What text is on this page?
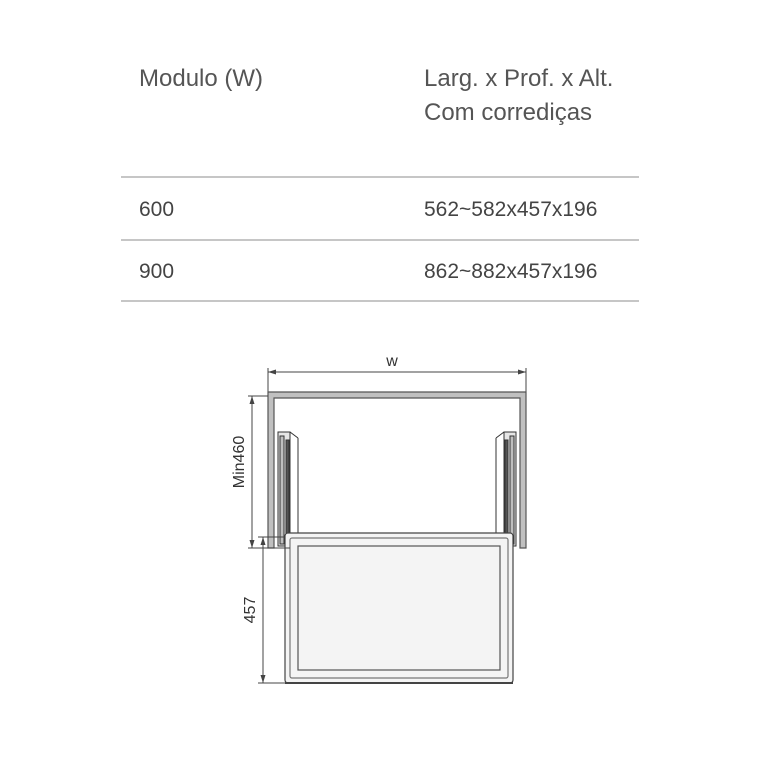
Modulo (W)	Larg. x Prof. x Alt.
Com corrediças
600	562~582x457x196
900	862~882x457x196
w
Min460
457
